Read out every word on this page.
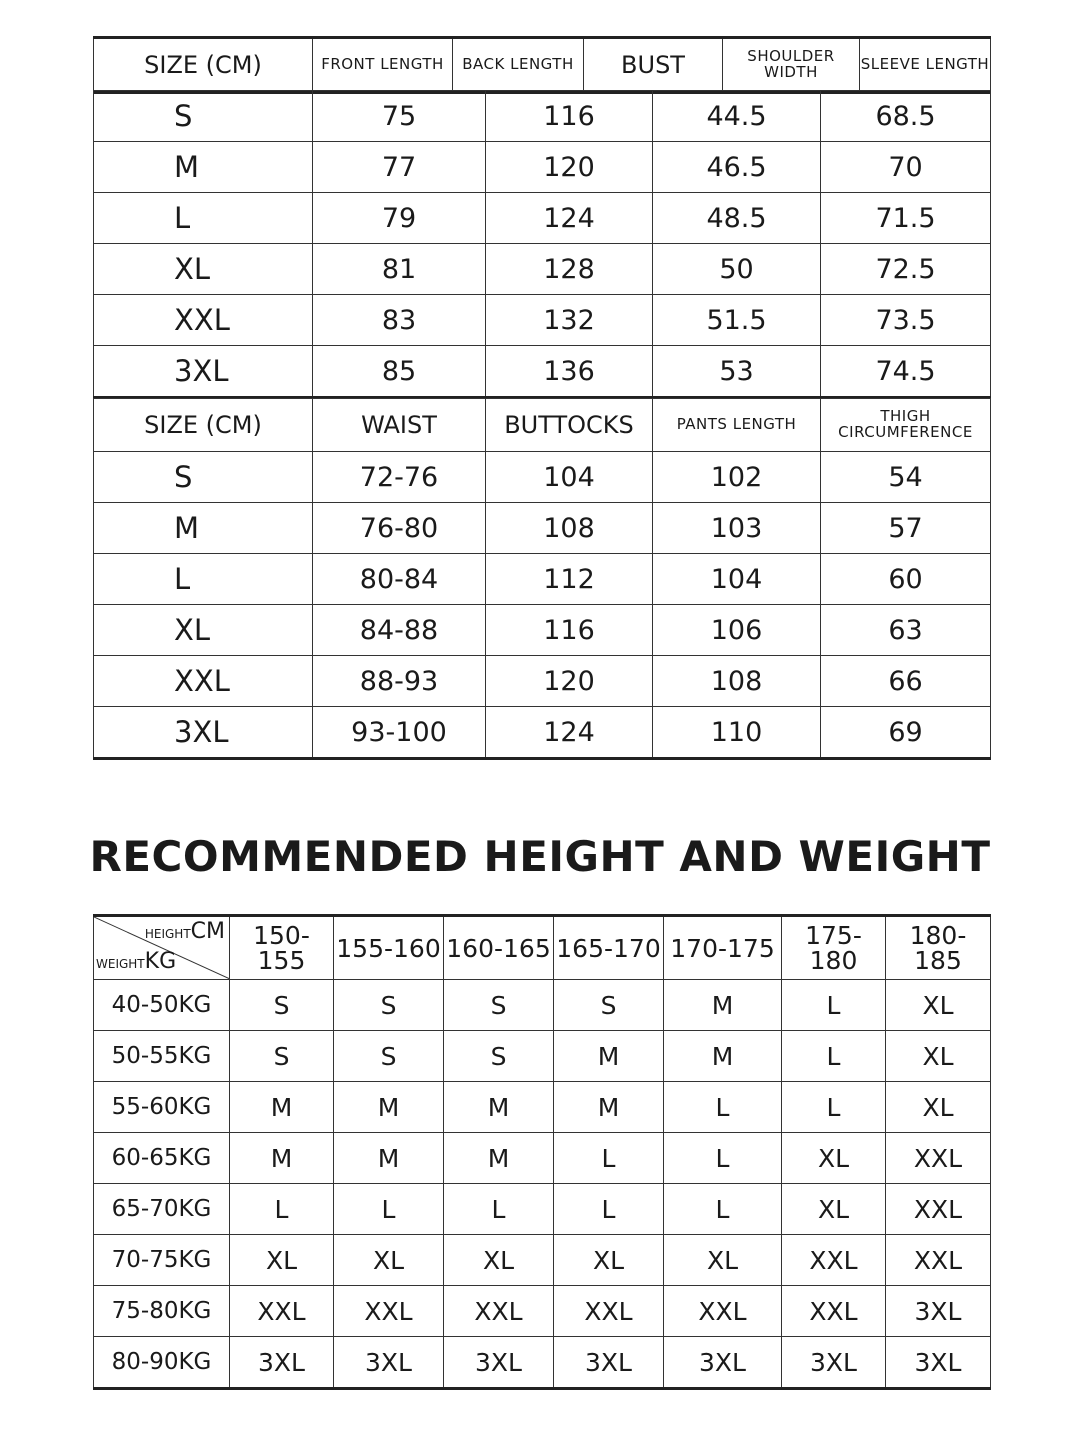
SIZE (CM)	FRONT LENGTH	BACK LENGTH	BUST	SHOULDER WIDTH	SLEEVE LENGTH
S	75	116	44.5	68.5
M	77	120	46.5	70
L	79	124	48.5	71.5
XL	81	128	50	72.5
XXL	83	132	51.5	73.5
3XL	85	136	53	74.5
SIZE (CM)	WAIST	BUTTOCKS	PANTS LENGTH	THIGH CIRCUMFERENCE
S	72-76	104	102	54
M	76-80	108	103	57
L	80-84	112	104	60
XL	84-88	116	106	63
XXL	88-93	120	108	66
3XL	93-100	124	110	69
RECOMMENDED HEIGHT AND WEIGHT
HEIGHTCM
WEIGHTKG	150-155	155-160	160-165	165-170	170-175	175-180	180-185
40-50KG	S	S	S	S	M	L	XL
50-55KG	S	S	S	M	M	L	XL
55-60KG	M	M	M	M	L	L	XL
60-65KG	M	M	M	L	L	XL	XXL
65-70KG	L	L	L	L	L	XL	XXL
70-75KG	XL	XL	XL	XL	XL	XXL	XXL
75-80KG	XXL	XXL	XXL	XXL	XXL	XXL	3XL
80-90KG	3XL	3XL	3XL	3XL	3XL	3XL	3XL
